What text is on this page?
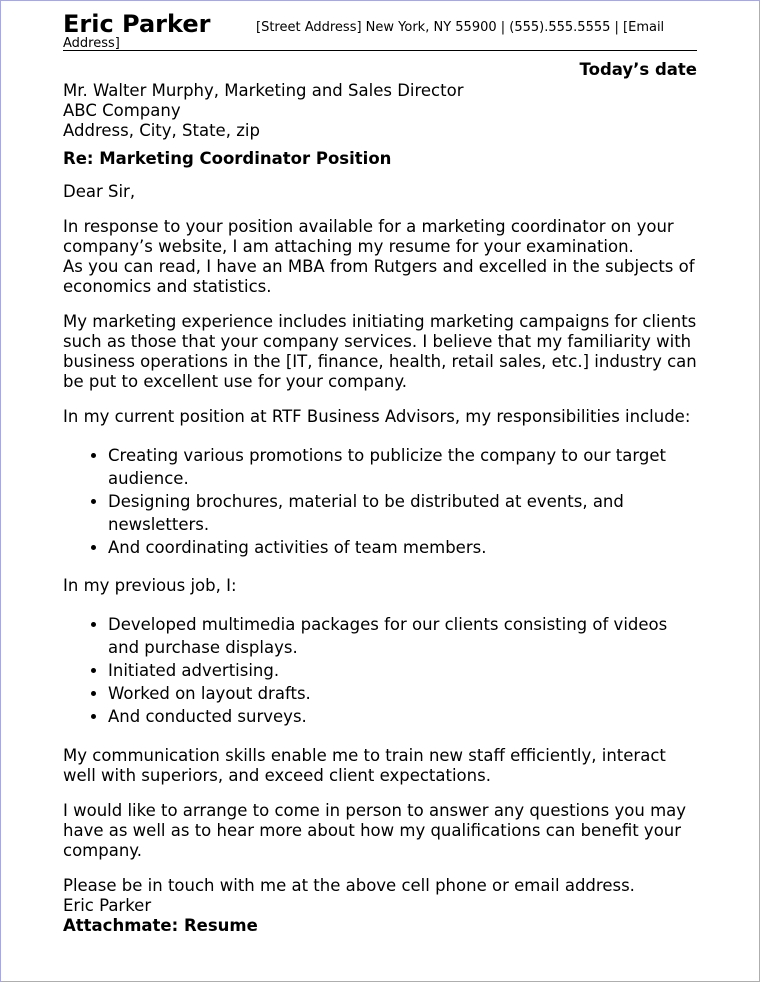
Eric Parker	[Street Address] New York, NY 55900 | (555).555.5555 | [Email Address]
Today’s date
Mr. Walter Murphy, Marketing and Sales Director
ABC Company
Address, City, State, zip
Re: Marketing Coordinator Position
Dear Sir,

In response to your position available for a marketing coordinator on your company’s website, I am attaching my resume for your examination.

As you can read, I have an MBA from Rutgers and excelled in the subjects of economics and statistics.

My marketing experience includes initiating marketing campaigns for clients such as those that your company services. I believe that my familiarity with business operations in the [IT, finance, health, retail sales, etc.] industry can be put to excellent use for your company.

In my current position at RTF Business Advisors, my responsibilities include:

• Creating various promotions to publicize the company to our target audience.
• Designing brochures, material to be distributed at events, and newsletters.
• And coordinating activities of team members.

In my previous job, I:

• Developed multimedia packages for our clients consisting of videos and purchase displays.
• Initiated advertising.
• Worked on layout drafts.
• And conducted surveys.

My communication skills enable me to train new staff efficiently, interact well with superiors, and exceed client expectations.

I would like to arrange to come in person to answer any questions you may have as well as to hear more about how my qualifications can benefit your company.

Please be in touch with me at the above cell phone or email address.
Eric Parker
Attachmate: Resume
